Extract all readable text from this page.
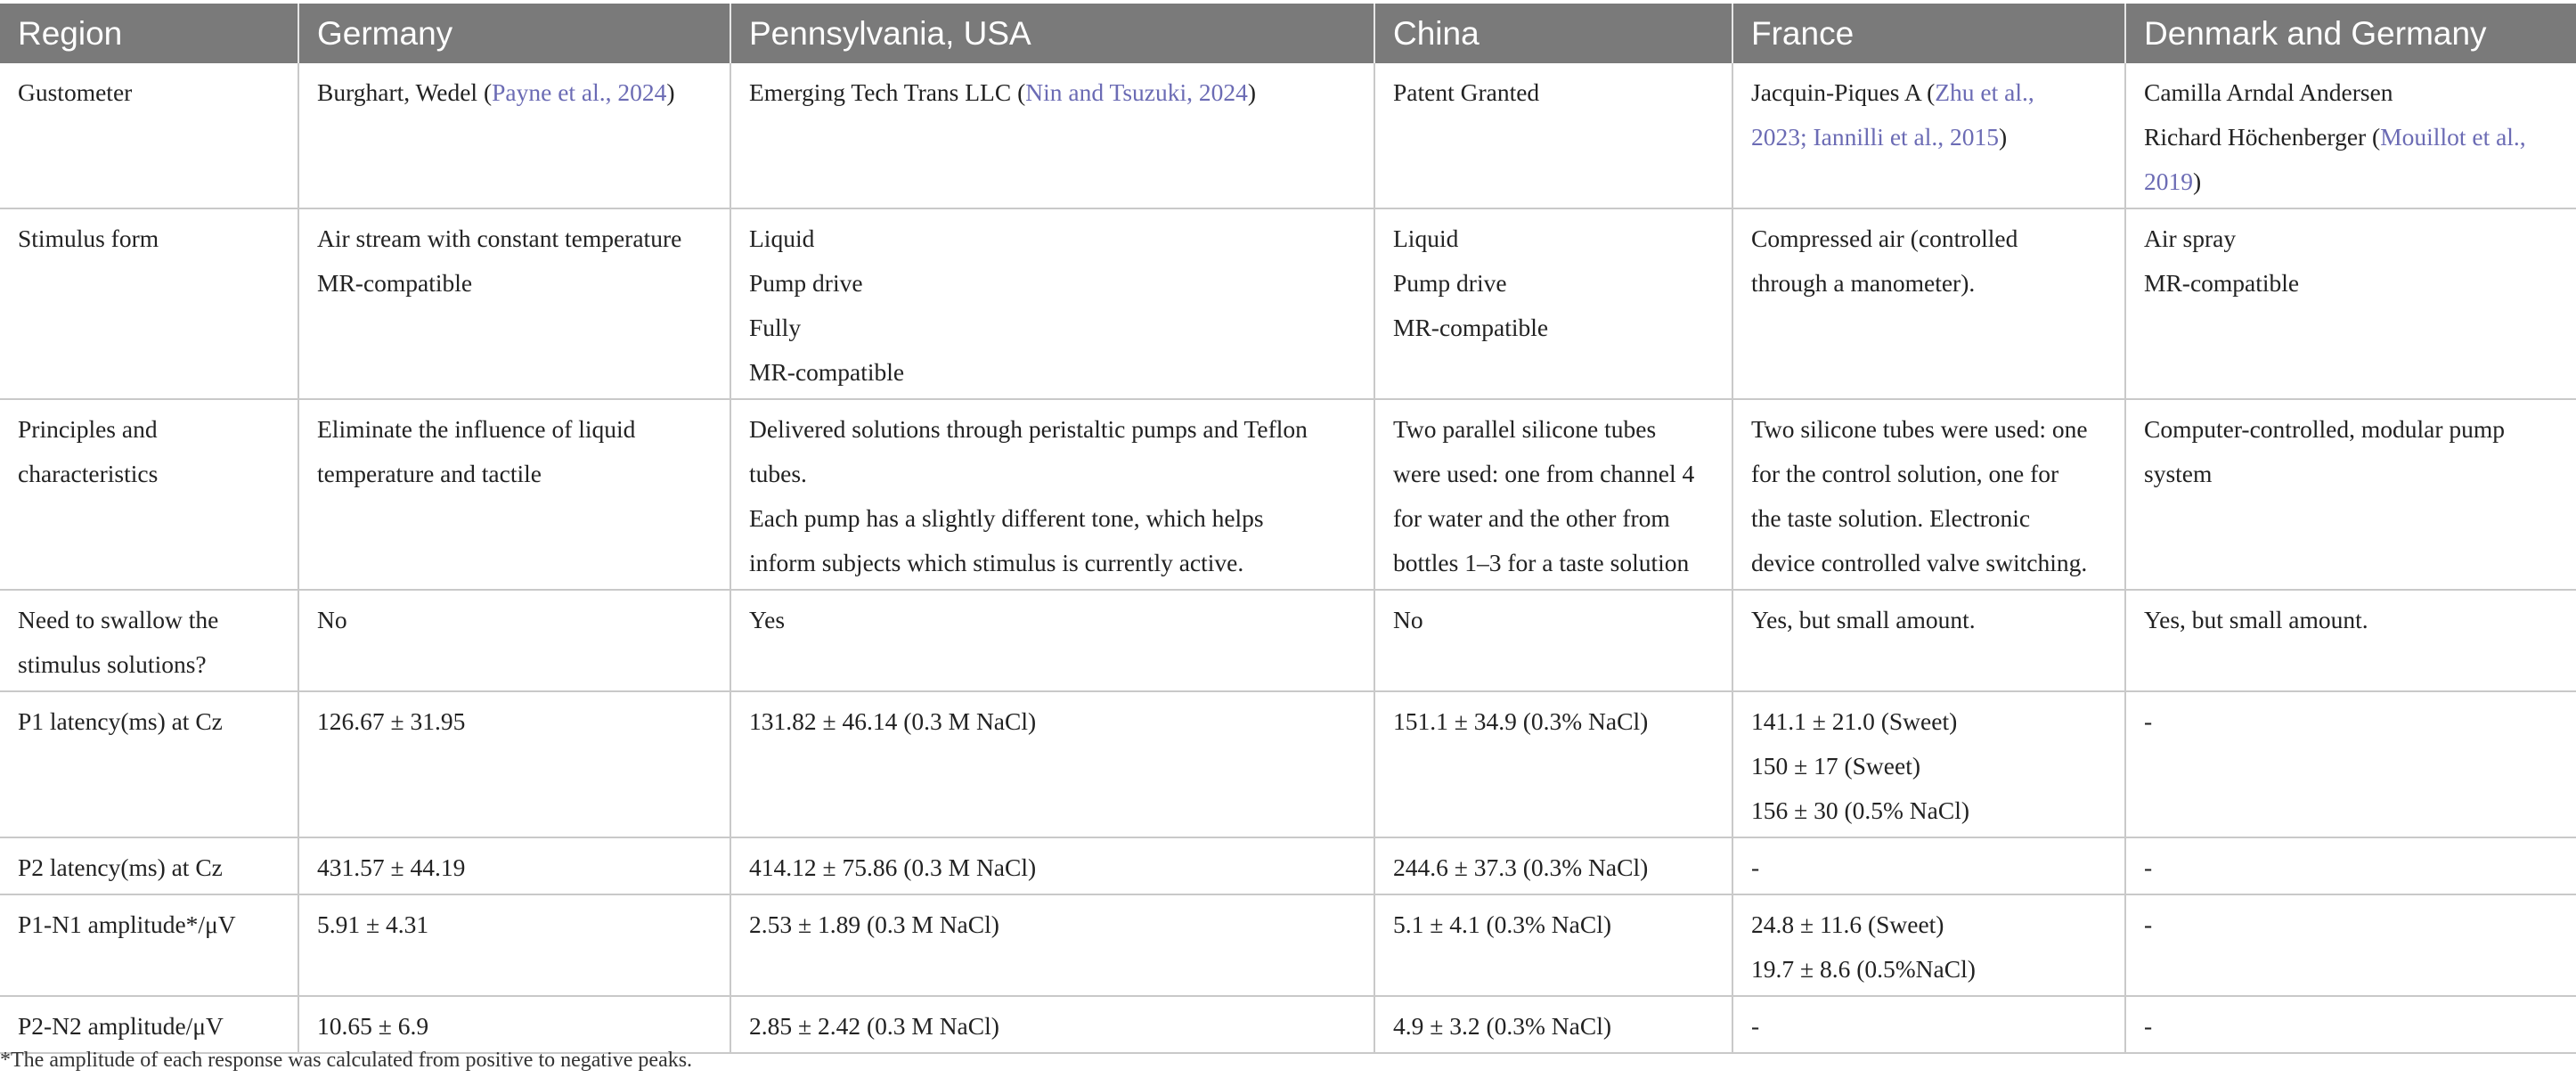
Region	Germany	Pennsylvania, USA	China	France	Denmark and Germany
Gustometer	Burghart, Wedel (Payne et al., 2024)	Emerging Tech Trans LLC (Nin and Tsuzuki, 2024)	Patent Granted	Jacquin-Piques A (Zhu et al.,
2023; Iannilli et al., 2015)	Camilla Arndal Andersen
Richard Höchenberger (Mouillot et al.,
2019)
Stimulus form	Air stream with constant temperature
MR-compatible	Liquid
Pump drive
Fully
MR-compatible	Liquid
Pump drive
MR-compatible	Compressed air (controlled
through a manometer).	Air spray
MR-compatible

Principles and
characteristics	Eliminate the influence of liquid
temperature and tactile	Delivered solutions through peristaltic pumps and Teflon
tubes.
Each pump has a slightly different tone, which helps
inform subjects which stimulus is currently active.	Two parallel silicone tubes
were used: one from channel 4
for water and the other from
bottles 1–3 for a taste solution	Two silicone tubes were used: one
for the control solution, one for
the taste solution. Electronic
device controlled valve switching.	Computer-controlled, modular pump
system

Need to swallow the
stimulus solutions?	No	Yes	No	Yes, but small amount.	Yes, but small amount.
P1 latency(ms) at Cz	126.67 ± 31.95	131.82 ± 46.14 (0.3 M NaCl)	151.1 ± 34.9 (0.3% NaCl)	141.1 ± 21.0 (Sweet)
150 ± 17 (Sweet)
156 ± 30 (0.5% NaCl)	-
P2 latency(ms) at Cz	431.57 ± 44.19	414.12 ± 75.86 (0.3 M NaCl)	244.6 ± 37.3 (0.3% NaCl)	-	-
P1-N1 amplitude*/μV	5.91 ± 4.31	2.53 ± 1.89 (0.3 M NaCl)	5.1 ± 4.1 (0.3% NaCl)	24.8 ± 11.6 (Sweet)
19.7 ± 8.6 (0.5%NaCl)	-
P2-N2 amplitude/μV	10.65 ± 6.9	2.85 ± 2.42 (0.3 M NaCl)	4.9 ± 3.2 (0.3% NaCl)	-	-
*The amplitude of each response was calculated from positive to negative peaks.
